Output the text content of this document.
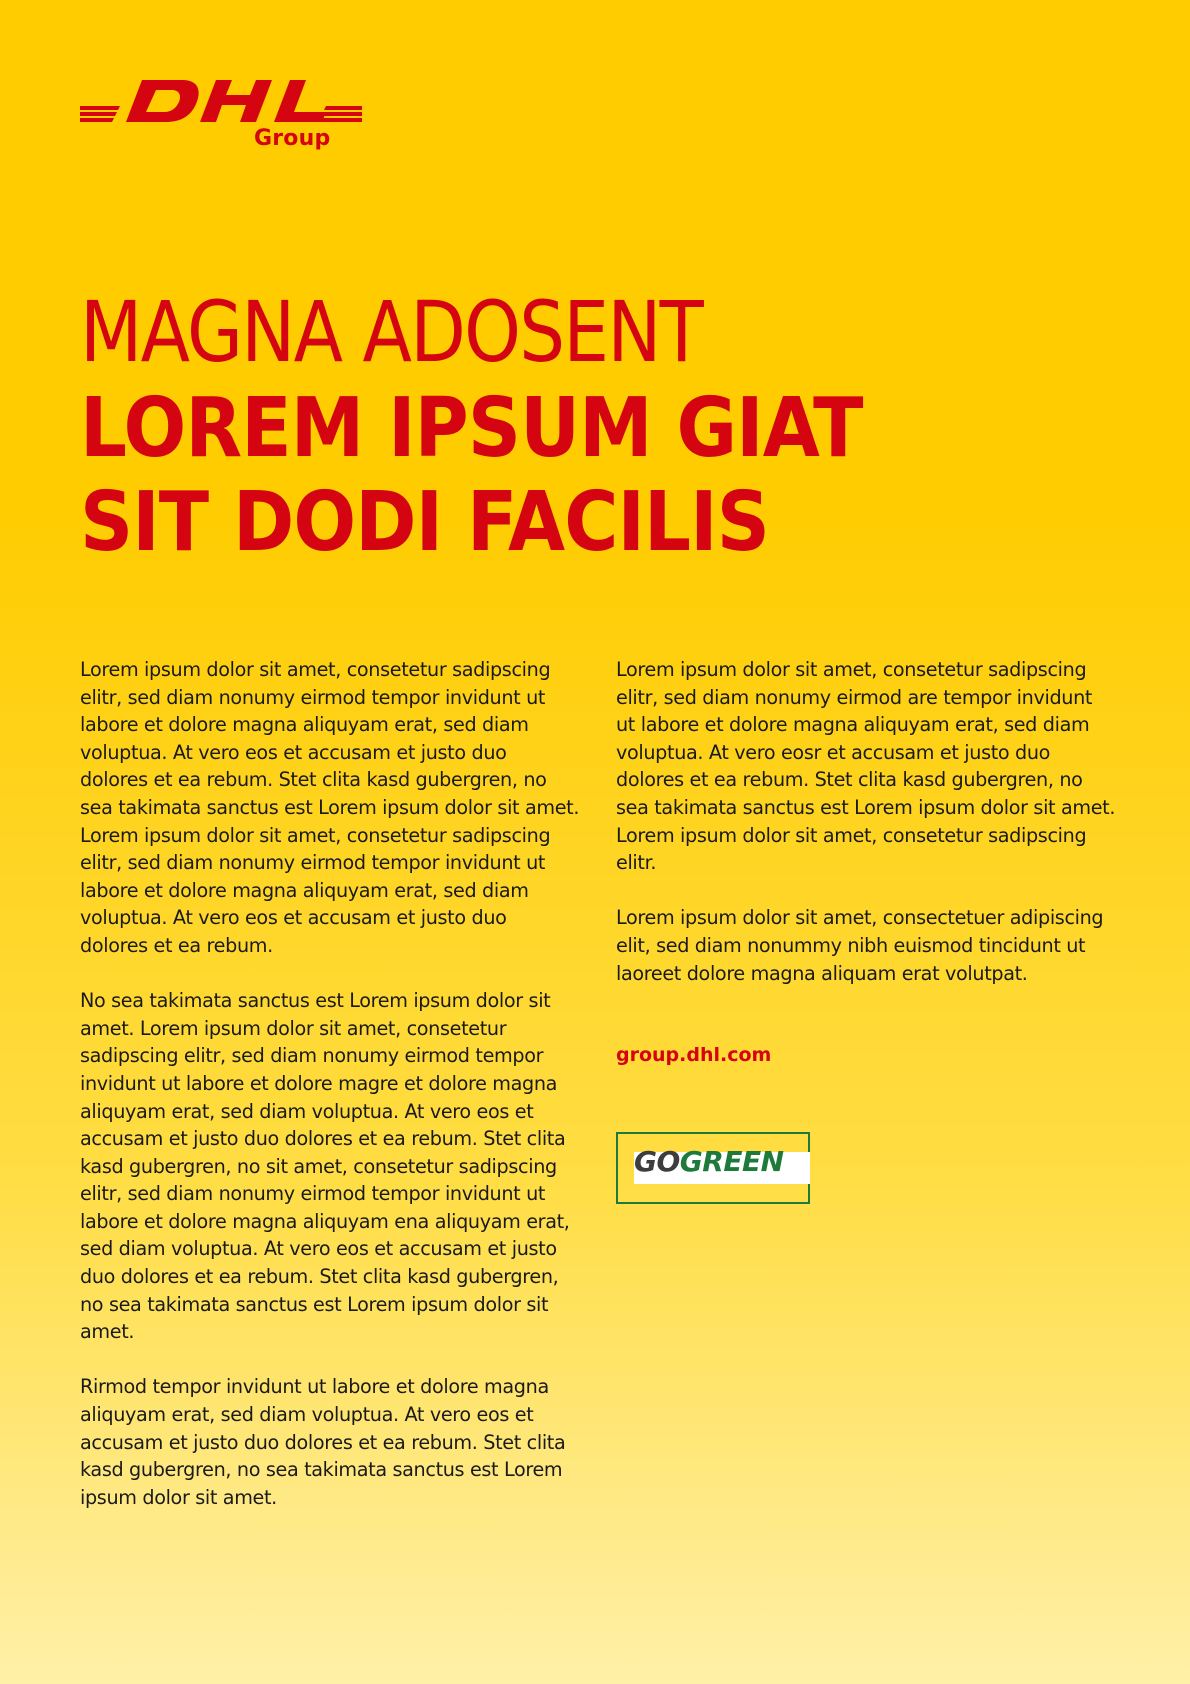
Group
MAGNA ADOSENT
LOREM IPSUM GIAT
SIT DODI FACILIS

Lorem ipsum dolor sit amet, consetetur sadipscing elitr, sed diam nonumy eirmod tempor invidunt ut labore et dolore magna aliquyam erat, sed diam voluptua. At vero eos et accusam et justo duo dolores et ea rebum. Stet clita kasd gubergren, no sea takimata sanctus est Lorem ipsum dolor sit amet. Lorem ipsum dolor sit amet, consetetur sadipscing elitr, sed diam nonumy eirmod tempor invidunt ut labore et dolore magna aliquyam erat, sed diam voluptua. At vero eos et accusam et justo duo dolores et ea rebum.

No sea takimata sanctus est Lorem ipsum dolor sit amet. Lorem ipsum dolor sit amet, consetetur sadipscing elitr, sed diam nonumy eirmod tempor invidunt ut labore et dolore magre et dolore magna aliquyam erat, sed diam voluptua. At vero eos et accusam et justo duo dolores et ea rebum. Stet clita kasd gubergren, no sit amet, consetetur sadipscing elitr, sed diam nonumy eirmod tempor invidunt ut labore et dolore magna aliquyam ena aliquyam erat, sed diam voluptua. At vero eos et accusam et justo duo dolores et ea rebum. Stet clita kasd gubergren, no sea takimata sanctus est Lorem ipsum dolor sit amet.

Rirmod tempor invidunt ut labore et dolore magna aliquyam erat, sed diam voluptua. At vero eos et accusam et justo duo dolores et ea rebum. Stet clita kasd gubergren, no sea takimata sanctus est Lorem ipsum dolor sit amet.

Lorem ipsum dolor sit amet, consetetur sadipscing elitr, sed diam nonumy eirmod are tempor invidunt ut labore et dolore magna aliquyam erat, sed diam voluptua. At vero eosr et accusam et justo duo dolores et ea rebum. Stet clita kasd gubergren, no sea takimata sanctus est Lorem ipsum dolor sit amet. Lorem ipsum dolor sit amet, consetetur sadipscing elitr.

Lorem ipsum dolor sit amet, consectetuer adipiscing elit, sed diam nonummy nibh euismod tincidunt ut laoreet dolore magna aliquam erat volutpat.

group.dhl.com
GOGREEN
